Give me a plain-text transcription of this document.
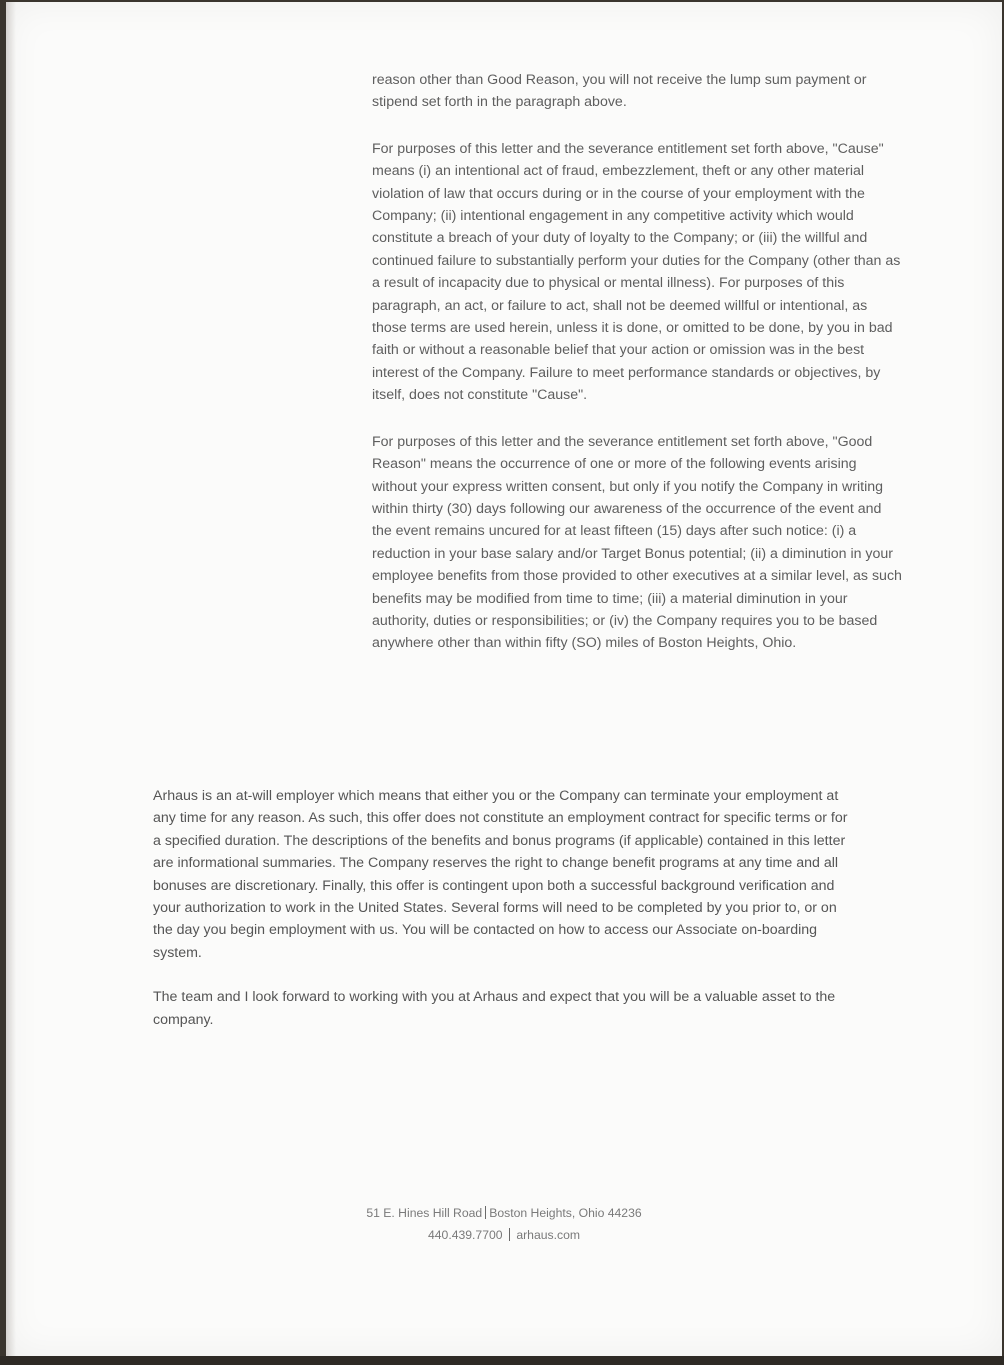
reason other than Good Reason, you will not receive the lump sum payment or stipend set forth in the paragraph above.

For purposes of this letter and the severance entitlement set forth above, "Cause" means (i) an intentional act of fraud, embezzlement, theft or any other material violation of law that occurs during or in the course of your employment with the Company; (ii) intentional engagement in any competitive activity which would constitute a breach of your duty of loyalty to the Company; or (iii) the willful and continued failure to substantially perform your duties for the Company (other than as a result of incapacity due to physical or mental illness). For purposes of this paragraph, an act, or failure to act, shall not be deemed willful or intentional, as those terms are used herein, unless it is done, or omitted to be done, by you in bad faith or without a reasonable belief that your action or omission was in the best interest of the Company. Failure to meet performance standards or objectives, by itself, does not constitute "Cause".

For purposes of this letter and the severance entitlement set forth above, "Good Reason" means the occurrence of one or more of the following events arising without your express written consent, but only if you notify the Company in writing within thirty (30) days following our awareness of the occurrence of the event and the event remains uncured for at least fifteen (15) days after such notice: (i) a reduction in your base salary and/or Target Bonus potential; (ii) a diminution in your employee benefits from those provided to other executives at a similar level, as such benefits may be modified from time to time; (iii) a material diminution in your authority, duties or responsibilities; or (iv) the Company requires you to be based anywhere other than within fifty (SO) miles of Boston Heights, Ohio.

Arhaus is an at-will employer which means that either you or the Company can terminate your employment at any time for any reason. As such, this offer does not constitute an employment contract for specific terms or for a specified duration. The descriptions of the benefits and bonus programs (if applicable) contained in this letter are informational summaries. The Company reserves the right to change benefit programs at any time and all bonuses are discretionary. Finally, this offer is contingent upon both a successful background verification and your authorization to work in the United States. Several forms will need to be completed by you prior to, or on the day you begin employment with us. You will be contacted on how to access our Associate on-boarding system.

The team and I look forward to working with you at Arhaus and expect that you will be a valuable asset to the company.

51 E. Hines Hill Road Boston Heights, Ohio 44236
440.439.7700 arhaus.com
